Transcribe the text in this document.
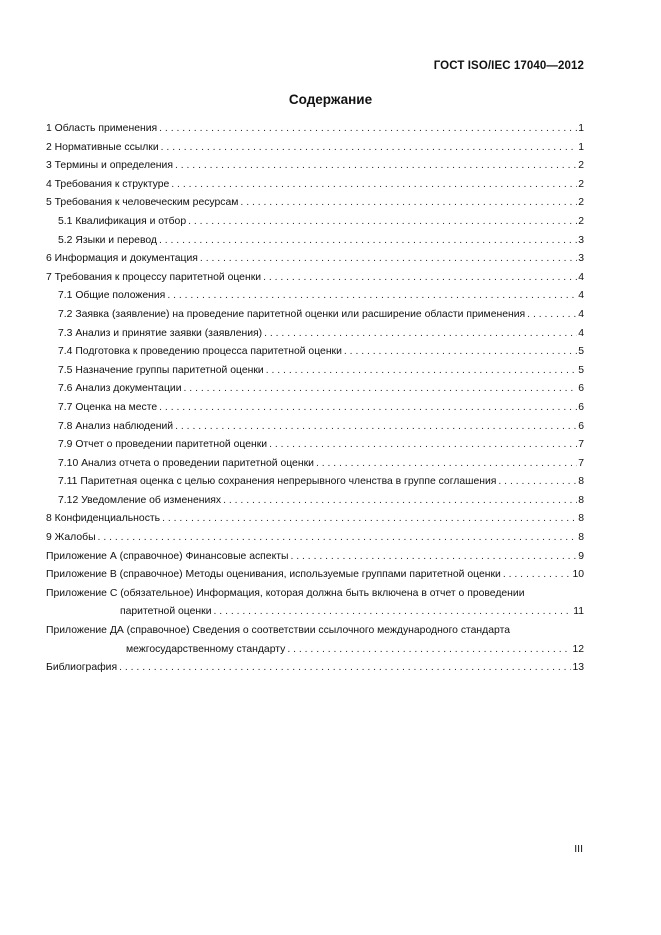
ГОСТ ISO/IEC 17040—2012
Содержание
1 Область применения . . .	1
2 Нормативные ссылки . . .	1
3 Термины и определения . . .	2
4 Требования к структуре . . .	2
5 Требования к человеческим ресурсам . . .	2
5.1 Квалификация и отбор . . .	2
5.2 Языки и перевод . . .	3
6 Информация и документация . . .	3
7 Требования к процессу паритетной оценки . . .	4
7.1 Общие положения . . .	4
7.2 Заявка (заявление) на проведение паритетной оценки или расширение области применения . . .	4
7.3 Анализ и принятие заявки (заявления) . . .	4
7.4 Подготовка к проведению процесса паритетной оценки . . .	5
7.5 Назначение группы паритетной оценки . . .	5
7.6 Анализ документации . . .	6
7.7 Оценка на месте . . .	6
7.8 Анализ наблюдений . . .	6
7.9 Отчет о проведении паритетной оценки . . .	7
7.10 Анализ отчета о проведении паритетной оценки . . .	7
7.11 Паритетная оценка с целью сохранения непрерывного членства в группе соглашения . . .	8
7.12 Уведомление об изменениях . . .	8
8 Конфиденциальность . . .	8
9 Жалобы . . .	8
Приложение А (справочное) Финансовые аспекты . . .	9
Приложение В (справочное) Методы оценивания, используемые группами паритетной оценки . . .	10
Приложение С (обязательное) Информация, которая должна быть включена в отчет о проведении
паритетной оценки . . .	11
Приложение ДА (справочное) Сведения о соответствии ссылочного международного стандарта
межгосударственному стандарту . . .	12
Библиография . . .	13
III
